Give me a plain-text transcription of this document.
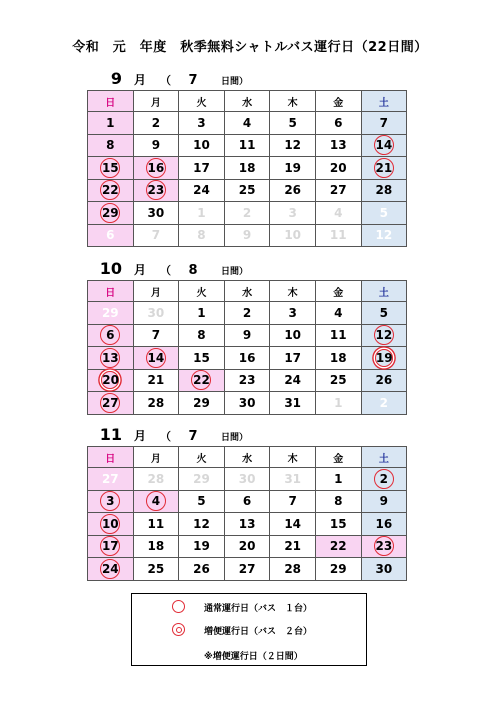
令和　元　年度　秋季無料シャトルバス運行日（22日間）
9 月 （	7	日間）
日	月	火	水	木	金	土
1	2	3	4	5	6	7
8	9	10	11	12	13	14
15	16	17	18	19	20	21
22	23	24	25	26	27	28
29	30	1	2	3	4	5
6	7	8	9	10	11	12
10 月 （	8	日間）
日	月	火	水	木	金	土
29	30	1	2	3	4	5
6	7	8	9	10	11	12
13	14	15	16	17	18	19
20	21	22	23	24	25	26
27	28	29	30	31	1	2
11 月 （	7	日間）
日	月	火	水	木	金	土
27	28	29	30	31	1	2
3	4	5	6	7	8	9
10	11	12	13	14	15	16
17	18	19	20	21	22	23
24	25	26	27	28	29	30
通常運行日（バス　１台）
増便運行日（バス　２台）
※増便運行日（２日間）
